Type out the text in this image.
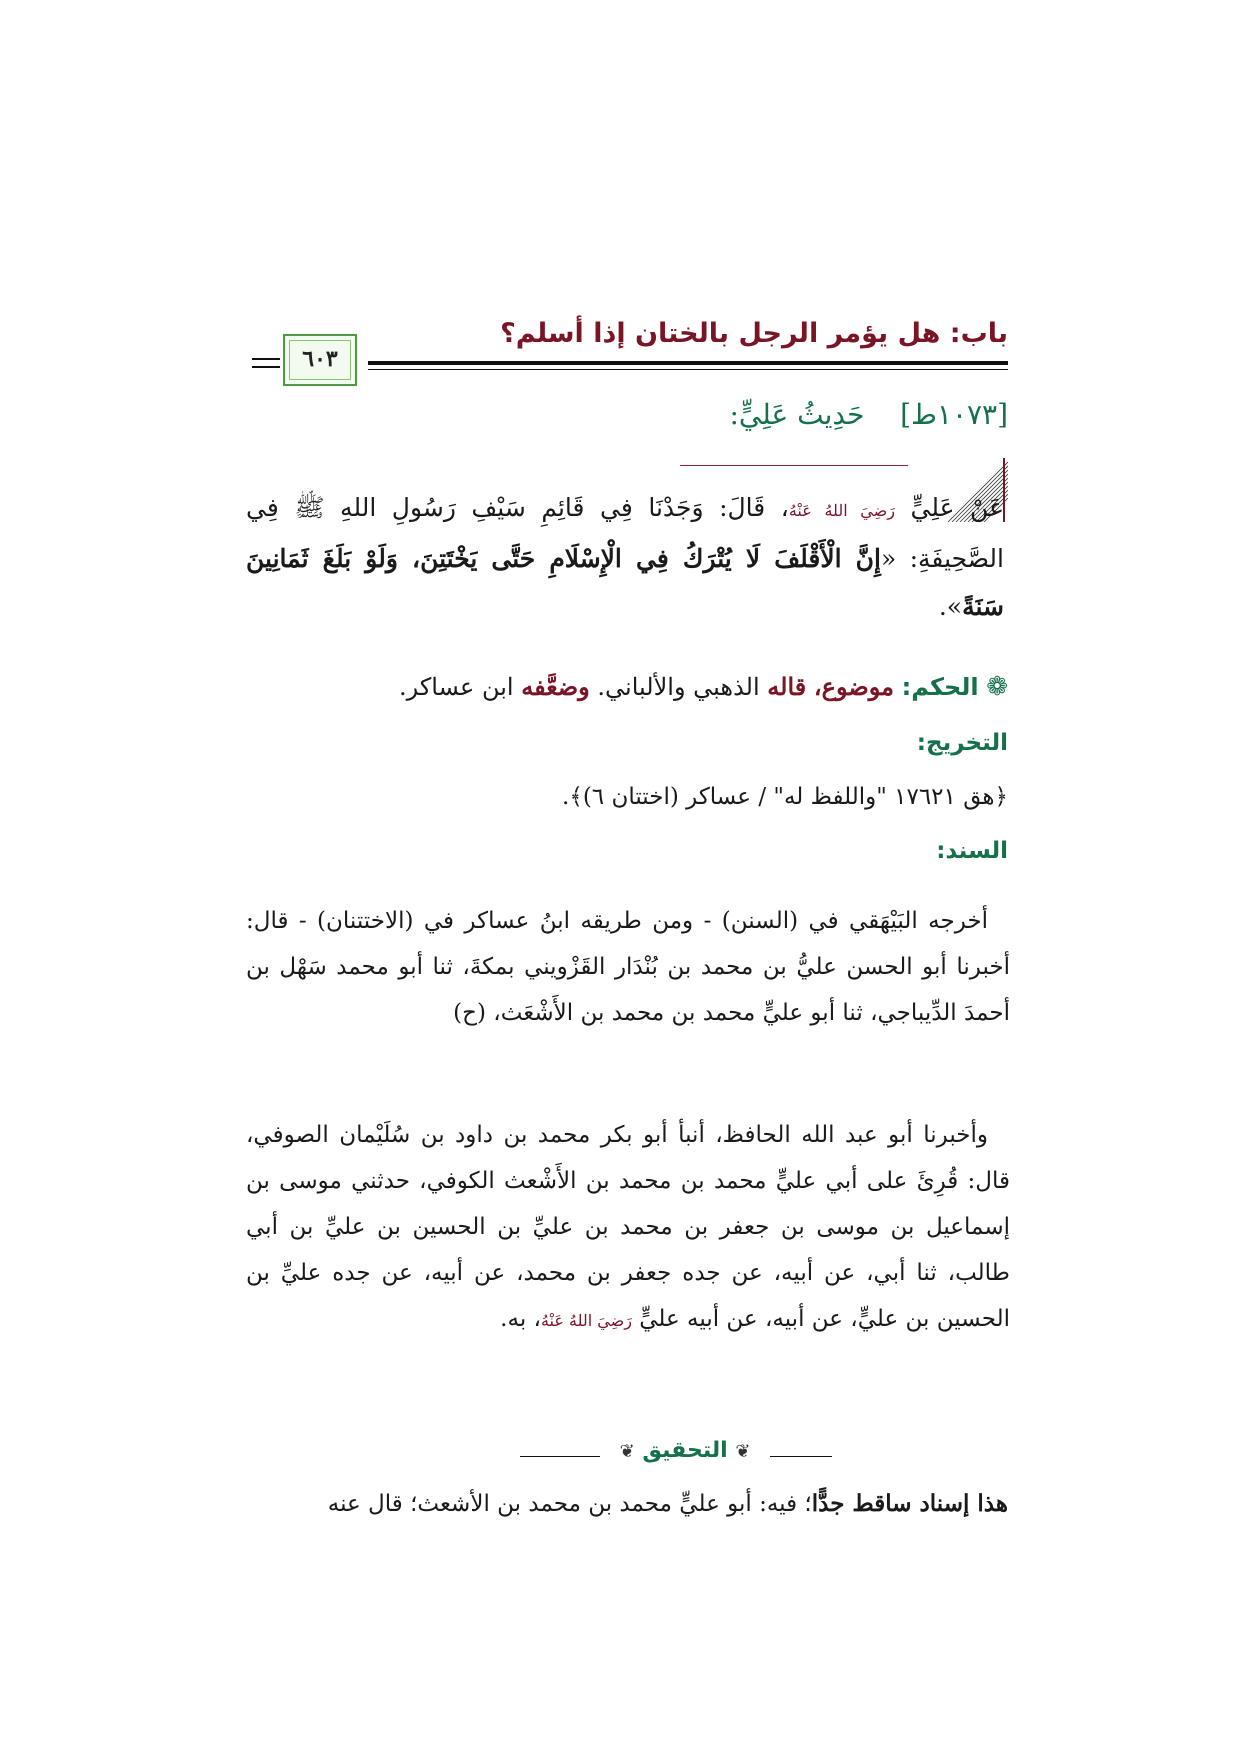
باب: هل يؤمر الرجل بالختان إذا أسلم؟
٦٠٣
[١٠٧٣ط]    حَدِيثُ عَلِيٍّ:
عَنْ عَلِيٍّ رَضِيَ اللهُ عَنْهُ، قَالَ: وَجَدْنَا فِي قَائِمِ سَيْفِ رَسُولِ اللهِ ﷺ فِي الصَّحِيفَةِ: «إِنَّ الْأَقْلَفَ لَا يُتْرَكُ فِي الْإِسْلَامِ حَتَّى يَخْتَتِنَ، وَلَوْ بَلَغَ ثَمَانِينَ سَنَةً».
❁ الحكم: موضوع، قاله الذهبي والألباني. وضعَّفه ابن عساكر.
التخريج:
﴿هق ١٧٦٢١ "واللفظ له" / عساكر (اختتان ٦)﴾.
السند:
أخرجه البَيْهَقي في (السنن) - ومن طريقه ابنُ عساكر في (الاختتنان) - قال: أخبرنا أبو الحسن عليُّ بن محمد بن بُنْدَار القَزْويني بمكةَ، ثنا أبو محمد سَهْل بن أحمدَ الدِّيباجي، ثنا أبو عليٍّ محمد بن محمد بن الأَشْعَث، (ح)
وأخبرنا أبو عبد الله الحافظ، أنبأ أبو بكر محمد بن داود بن سُلَيْمان الصوفي، قال: قُرِئَ على أبي عليٍّ محمد بن محمد بن الأَشْعث الكوفي، حدثني موسى بن إسماعيل بن موسى بن جعفر بن محمد بن عليِّ بن الحسين بن عليِّ بن أبي طالب، ثنا أبي، عن أبيه، عن جده جعفر بن محمد، عن أبيه، عن جده عليِّ بن الحسين بن عليٍّ، عن أبيه، عن أبيه عليٍّ رَضِيَ اللهُ عَنْهُ، به.
❦ التحقيق ❦
هذا إسناد ساقط جدًّا؛ فيه: أبو عليٍّ محمد بن محمد بن الأشعث؛ قال عنه
